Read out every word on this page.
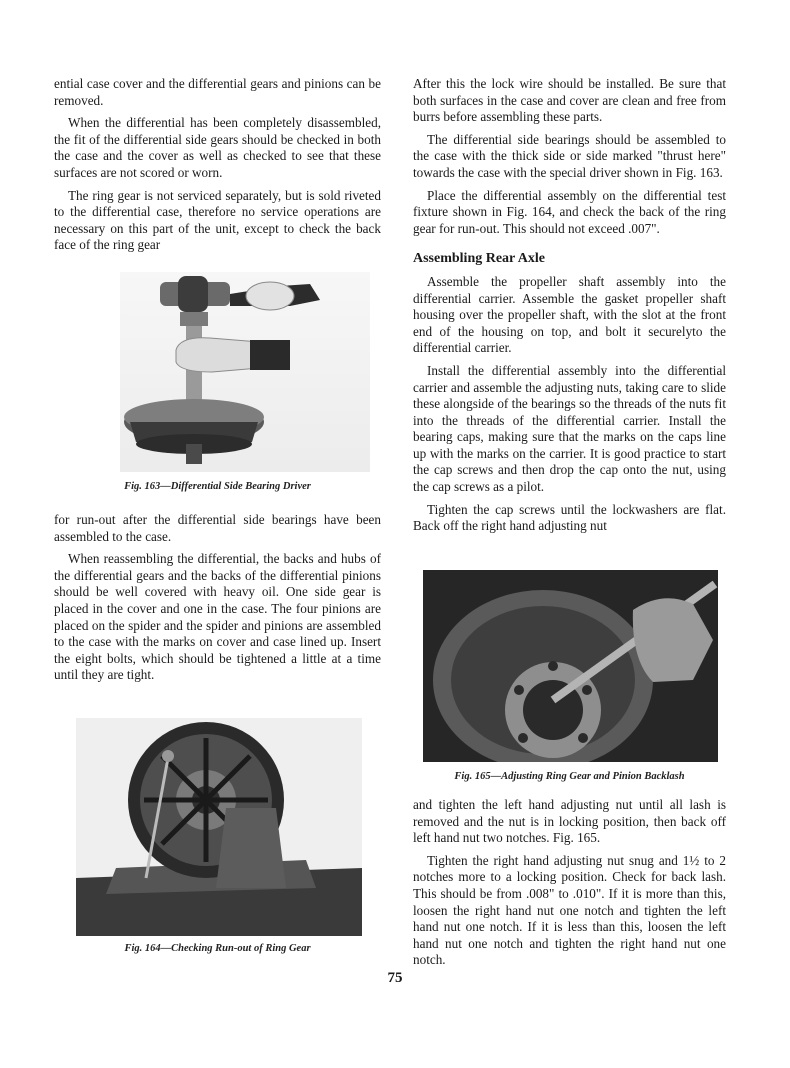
ential case cover and the differential gears and pinions can be removed.

When the differential has been completely disassembled, the fit of the differential side gears should be checked in both the case and the cover as well as checked to see that these surfaces are not scored or worn.

The ring gear is not serviced separately, but is sold riveted to the differential case, therefore no service operations are necessary on this part of the unit, except to check the back face of the ring gear

Fig. 163—Differential Side Bearing Driver

for run-out after the differential side bearings have been assembled to the case.

When reassembling the differential, the backs and hubs of the differential gears and the backs of the differential pinions should be well covered with heavy oil. One side gear is placed in the cover and one in the case. The four pinions are placed on the spider and the spider and pinions are assembled to the case with the marks on cover and case lined up. Insert the eight bolts, which should be tightened a little at a time until they are tight.

Fig. 164—Checking Run-out of Ring Gear

After this the lock wire should be installed. Be sure that both surfaces in the case and cover are clean and free from burrs before assembling these parts.

The differential side bearings should be assembled to the case with the thick side or side marked "thrust here" towards the case with the special driver shown in Fig. 163.

Place the differential assembly on the differential test fixture shown in Fig. 164, and check the back of the ring gear for run-out. This should not exceed .007".

Assembling Rear Axle

Assemble the propeller shaft assembly into the differential carrier. Assemble the gasket propeller shaft housing over the propeller shaft, with the slot at the front end of the housing on top, and bolt it securelyto the differential carrier.

Install the differential assembly into the differential carrier and assemble the adjusting nuts, taking care to slide these alongside of the bearings so the threads of the nuts fit into the threads of the differential carrier. Install the bearing caps, making sure that the marks on the caps line up with the marks on the carrier. It is good practice to start the cap screws and then drop the cap onto the nut, using the cap screws as a pilot.

Tighten the cap screws until the lockwashers are flat. Back off the right hand adjusting nut

Fig. 165—Adjusting Ring Gear and Pinion Backlash

and tighten the left hand adjusting nut until all lash is removed and the nut is in locking position, then back off left hand nut two notches. Fig. 165.

Tighten the right hand adjusting nut snug and 1½ to 2 notches more to a locking position. Check for back lash. This should be from .008" to .010". If it is more than this, loosen the right hand nut one notch and tighten the left hand nut one notch. If it is less than this, loosen the left hand nut one notch and tighten the right hand nut one notch.

75
